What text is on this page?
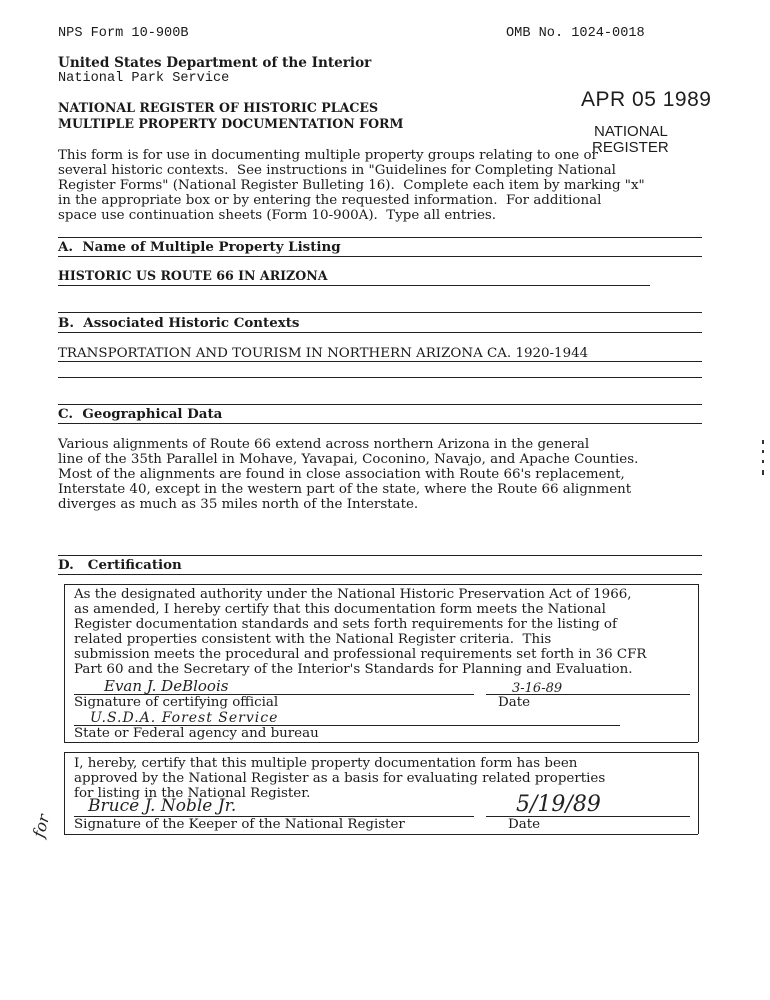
NPS Form 10-900B	OMB No. 1024-0018
United States Department of the Interior
National Park Service
NATIONAL REGISTER OF HISTORIC PLACES
MULTIPLE PROPERTY DOCUMENTATION FORM
APR 05 1989
NATIONAL
REGISTER
This form is for use in documenting multiple property groups relating to one or
several historic contexts.  See instructions in "Guidelines for Completing National
Register Forms" (National Register Bulleting 16).  Complete each item by marking "x"
in the appropriate box or by entering the requested information.  For additional
space use continuation sheets (Form 10-900A).  Type all entries.
A.  Name of Multiple Property Listing
HISTORIC US ROUTE 66 IN ARIZONA
B.  Associated Historic Contexts
TRANSPORTATION AND TOURISM IN NORTHERN ARIZONA CA. 1920-1944
C.  Geographical Data
Various alignments of Route 66 extend across northern Arizona in the general
line of the 35th Parallel in Mohave, Yavapai, Coconino, Navajo, and Apache Counties.
Most of the alignments are found in close association with Route 66's replacement,
Interstate 40, except in the western part of the state, where the Route 66 alignment
diverges as much as 35 miles north of the Interstate.
D.   Certification
As the designated authority under the National Historic Preservation Act of 1966,
as amended, I hereby certify that this documentation form meets the National
Register documentation standards and sets forth requirements for the listing of
related properties consistent with the National Register criteria.  This
submission meets the procedural and professional requirements set forth in 36 CFR
Part 60 and the Secretary of the Interior's Standards for Planning and Evaluation.
Evan J. DeBloois	3-16-89
Signature of certifying official	Date
U.S.D.A. Forest Service
State or Federal agency and bureau
I, hereby, certify that this multiple property documentation form has been
approved by the National Register as a basis for evaluating related properties
for listing in the National Register.
for
Bruce J. Noble Jr.	5/19/89
Signature of the Keeper of the National Register	Date
